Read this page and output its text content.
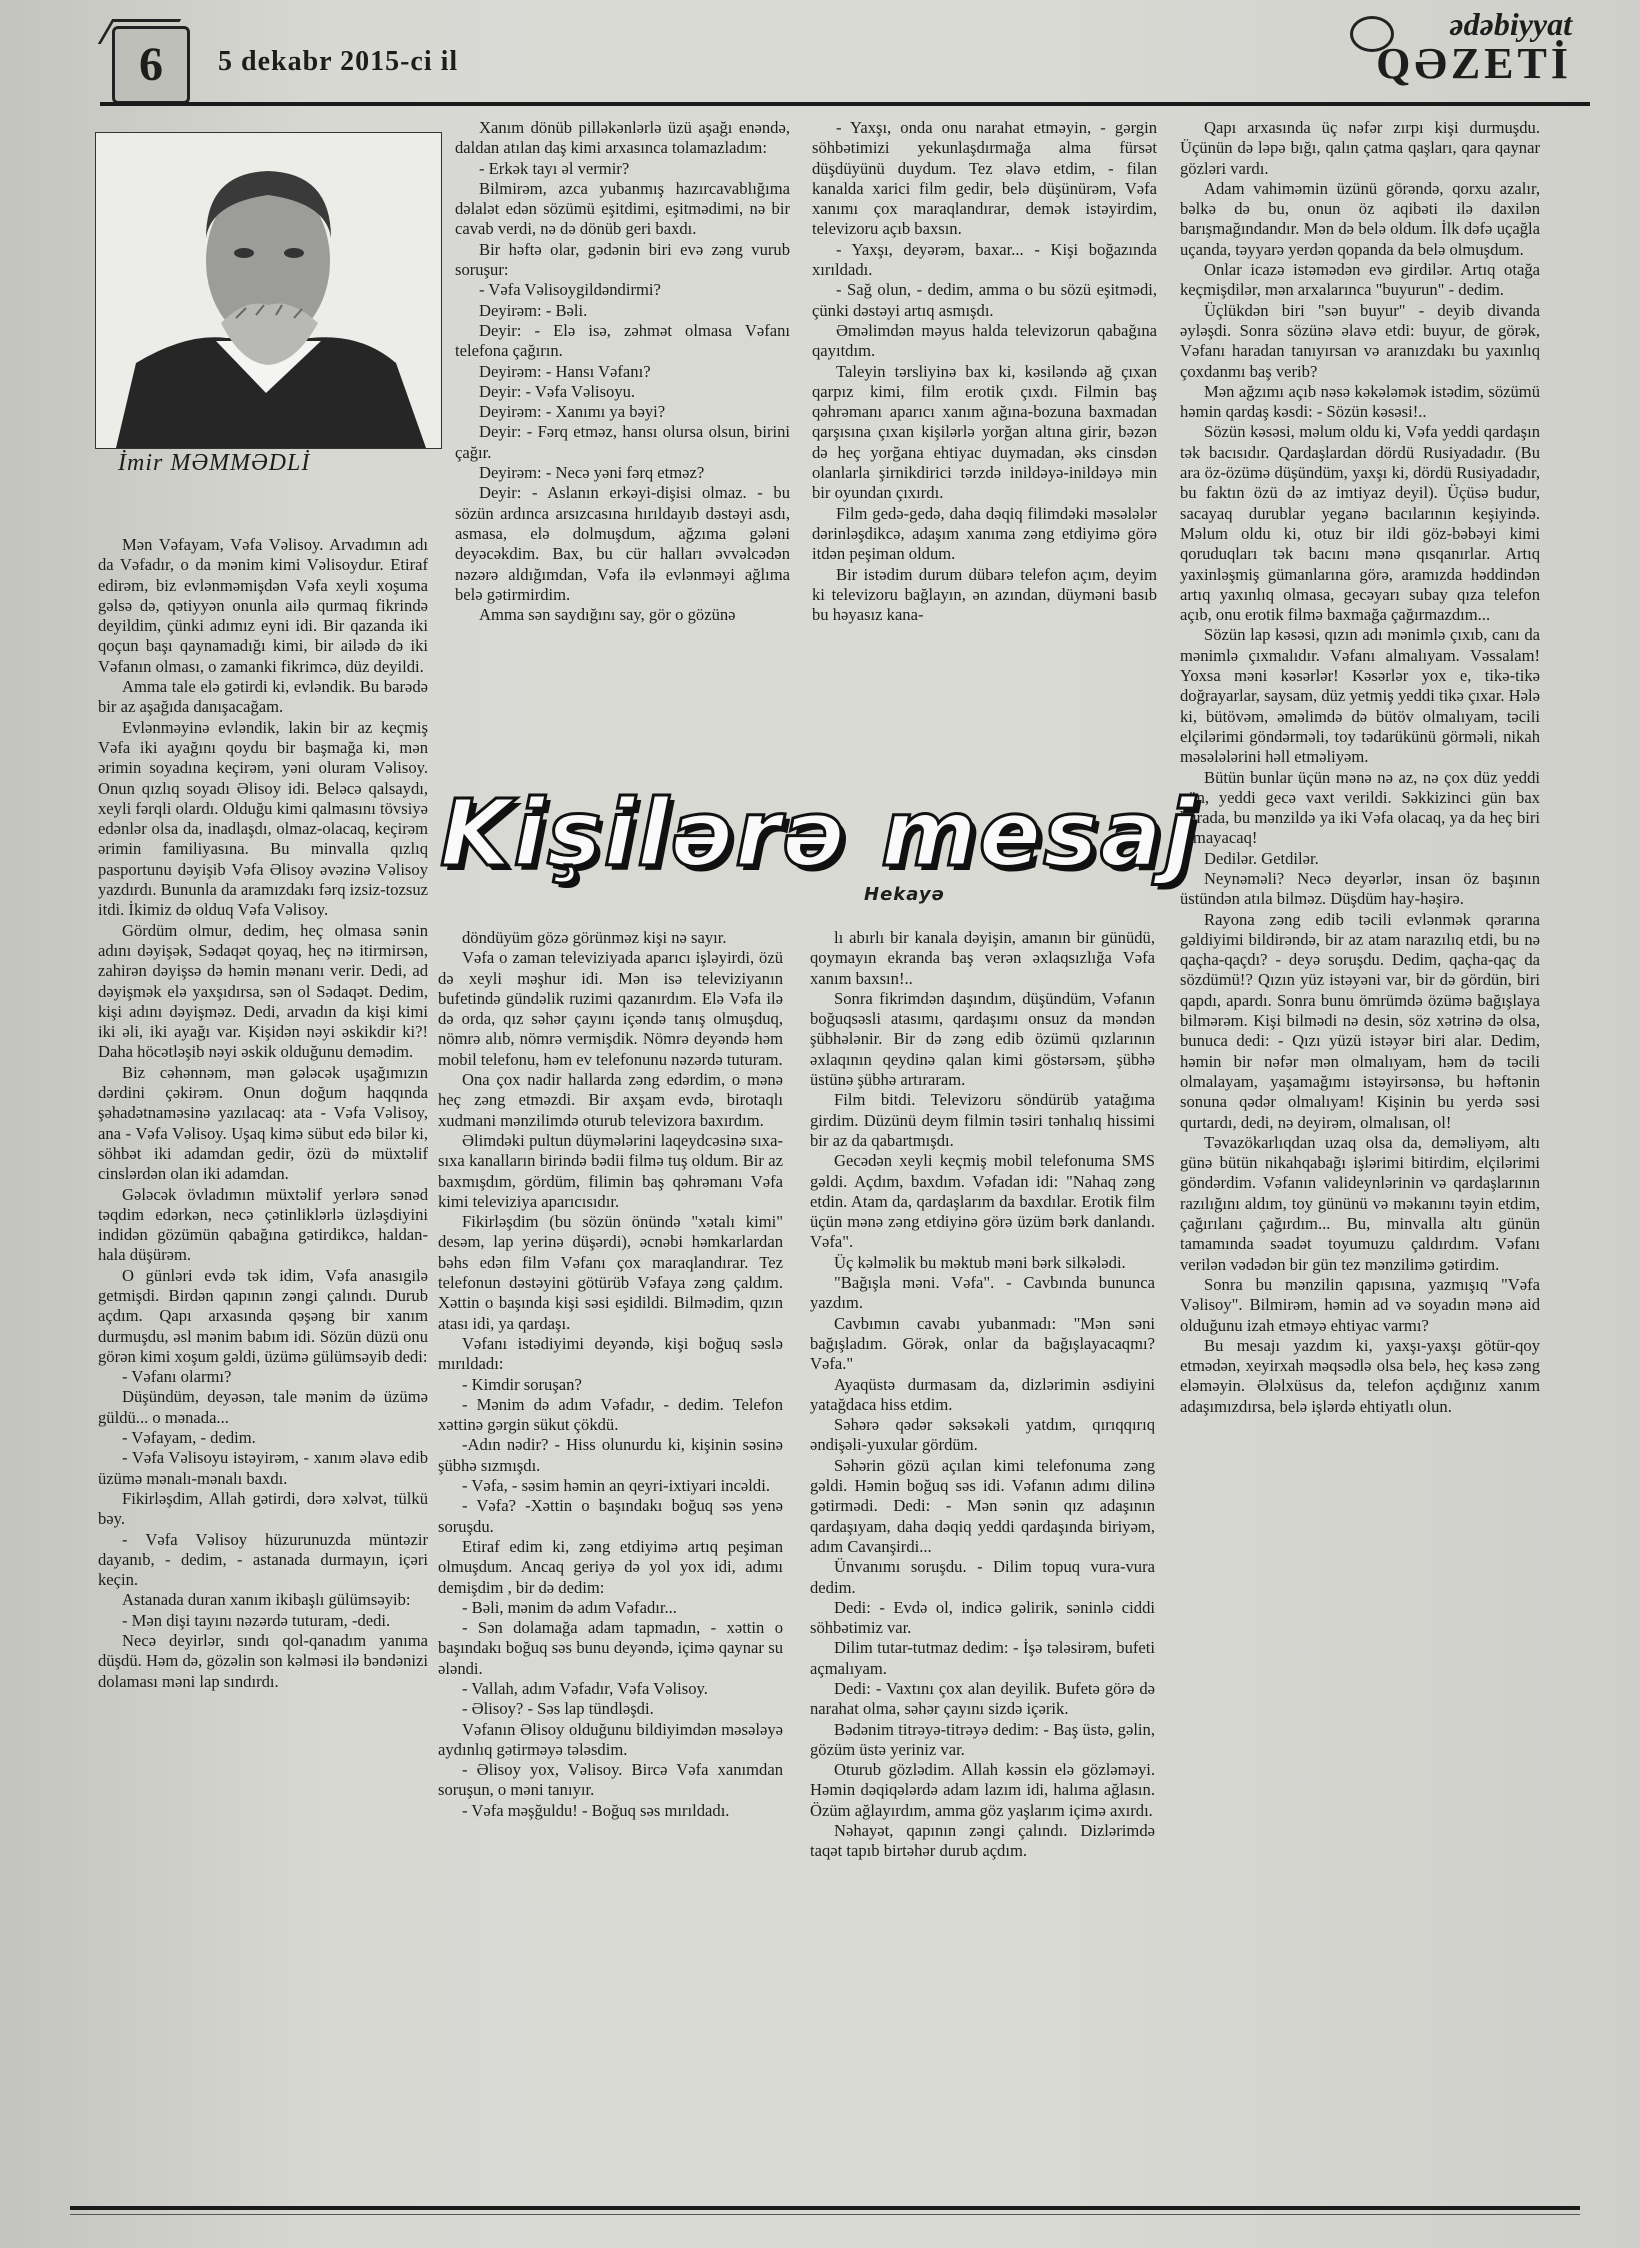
6	5 dekabr 2015-ci il
ədəbiyyat
QƏZETİ
İmir MƏMMƏDLİ

Mən Vəfayam, Vəfa Vəlisoy. Arvadımın adı da Vəfadır, o da mənim kimi Vəlisoydur. Etiraf edirəm, biz evlənməmişdən Vəfa xeyli xoşuma gəlsə də, qətiyyən onunla ailə qurmaq fikrində deyildim, çünki adımız eyni idi. Bir qazanda iki qoçun başı qaynamadığı kimi, bir ailədə də iki Vəfanın olması, o zamanki fikrimcə, düz deyildi.

Amma tale elə gətirdi ki, evləndik. Bu barədə bir az aşağıda danışacağam.

Evlənməyinə evləndik, lakin bir az keçmiş Vəfa iki ayağını qoydu bir başmağa ki, mən ərimin soyadına keçirəm, yəni oluram Vəlisoy. Onun qızlıq soyadı Əlisoy idi. Beləcə qalsaydı, xeyli fərqli olardı. Olduğu kimi qalmasını tövsiyə edənlər olsa da, inadlaşdı, olmaz-olacaq, keçirəm ərimin familiyasına. Bu minvalla qızlıq pasportunu dəyişib Vəfa Əlisoy əvəzinə Vəlisoy yazdırdı. Bununla da aramızdakı fərq izsiz-tozsuz itdi. İkimiz də olduq Vəfa Vəlisoy.

Gördüm olmur, dedim, heç olmasa sənin adını dəyişək, Sədaqət qoyaq, heç nə itirmirsən, zahirən dəyişsə də həmin mənanı verir. Dedi, ad dəyişmək elə yaxşıdırsa, sən ol Sədaqət. Dedim, kişi adını dəyişməz. Dedi, arvadın da kişi kimi iki əli, iki ayağı var. Kişidən nəyi əskikdir ki?! Daha höcətləşib nəyi əskik olduğunu demədim.

Biz cəhənnəm, mən gələcək uşağımızın dərdini çəkirəm. Onun doğum haqqında şəhadətnaməsinə yazılacaq: ata - Vəfa Vəlisoy, ana - Vəfa Vəlisoy. Uşaq kimə sübut edə bilər ki, söhbət iki adamdan gedir, özü də müxtəlif cinslərdən olan iki adamdan.

Gələcək övladımın müxtəlif yerlərə sənəd təqdim edərkən, necə çətinliklərlə üzləşdiyini indidən gözümün qabağına gətirdikcə, haldan-hala düşürəm.

O günləri evdə tək idim, Vəfa anasıgilə getmişdi. Birdən qapının zəngi çalındı. Durub açdım. Qapı arxasında qəşəng bir xanım durmuşdu, əsl mənim babım idi. Sözün düzü onu görən kimi xoşum gəldi, üzümə gülümsəyib dedi:

- Vəfanı olarmı?

Düşündüm, deyəsən, tale mənim də üzümə güldü... o mənada...

- Vəfayam, - dedim.

- Vəfa Vəlisoyu istəyirəm, - xanım əlavə edib üzümə mənalı-mənalı baxdı.

Fikirləşdim, Allah gətirdi, dərə xəlvət, tülkü bəy.

- Vəfa Vəlisoy hüzurunuzda müntəzir dayanıb, - dedim, - astanada durmayın, içəri keçin.

Astanada duran xanım ikibaşlı gülümsəyib:

- Mən dişi tayını nəzərdə tuturam, -dedi.

Necə deyirlər, sındı qol-qanadım yanıma düşdü. Həm də, gözəlin son kəlməsi ilə bəndənizi dolaması məni lap sındırdı.

Xanım dönüb pilləkənlərlə üzü aşağı enəndə, daldan atılan daş kimi arxasınca tolamazladım:

- Erkək tayı əl vermir?

Bilmirəm, azca yubanmış hazırcavablığıma dəlalət edən sözümü eşitdimi, eşitmədimi, nə bir cavab verdi, nə də dönüb geri baxdı.

Bir həftə olar, gədənin biri evə zəng vurub soruşur:

- Vəfa Vəlisoygildəndirmi?

Deyirəm: - Bəli.

Deyir: - Elə isə, zəhmət olmasa Vəfanı telefona çağırın.

Deyirəm: - Hansı Vəfanı?

Deyir: - Vəfa Vəlisoyu.

Deyirəm: - Xanımı ya bəyi?

Deyir: - Fərq etməz, hansı olursa olsun, birini çağır.

Deyirəm: - Necə yəni fərq etməz?

Deyir: - Aslanın erkəyi-dişisi olmaz. - bu sözün ardınca arsızcasına hırıldayıb dəstəyi asdı, asmasa, elə dolmuşdum, ağzıma gələni deyəcəkdim. Bax, bu cür halları əvvəlcədən nəzərə aldığımdan, Vəfa ilə evlənməyi ağlıma belə gətirmirdim.

Amma sən saydığını say, gör o gözünə

- Yaxşı, onda onu narahat etməyin, - gərgin söhbətimizi yekunlaşdırmağa alma fürsət düşdüyünü duydum. Tez əlavə etdim, - filan kanalda xarici film gedir, belə düşünürəm, Vəfa xanımı çox maraqlandırar, demək istəyirdim, televizoru açıb baxsın.

- Yaxşı, deyərəm, baxar... - Kişi boğazında xırıldadı.

- Sağ olun, - dedim, amma o bu sözü eşitmədi, çünki dəstəyi artıq asmışdı.

Əməlimdən məyus halda televizorun qabağına qayıtdım.

Talеyin tərsliyinə bax ki, kəsiləndə ağ çıxan qarpız kimi, film erotik çıxdı. Filmin baş qəhrəmanı aparıcı xanım ağına-bozuna baxmadan qarşısına çıxan kişilərlə yorğan altına girir, bəzən də heç yorğana ehtiyac duymadan, əks cinsdən olanlarla şirnikdirici tərzdə inildəyə-inildəyə min bir oyundan çıxırdı.

Film gedə-gedə, daha dəqiq filimdəki məsələlər dərinləşdikcə, adaşım xanıma zəng etdiyimə görə itdən peşiman oldum.

Bir istədim durum dübarə telefon açım, deyim ki televizoru bağlayın, ən azından, düyməni basıb bu həyasız kana-

Qapı arxasında üç nəfər zırpı kişi durmuşdu. Üçünün də ləpə bığı, qalın çatma qaşları, qara qaynar gözləri vardı.

Adam vahiməmin üzünü görəndə, qorxu azalır, bəlkə də bu, onun öz aqibəti ilə daxilən barışmağındandır. Mən də belə oldum. İlk dəfə uçağla uçanda, təyyarə yerdən qopanda da belə olmuşdum.

Onlar icazə istəmədən evə girdilər. Artıq otağa keçmişdilər, mən arxalarınca "buyurun" - dedim.

Üçlükdən biri "sən buyur" - deyib divanda əyləşdi. Sonra sözünə əlavə etdi: buyur, de görək, Vəfanı haradan tanıyırsan və aranızdakı bu yaxınlıq çoxdanmı baş verib?

Mən ağzımı açıb nəsə kəkələmək istədim, sözümü həmin qardaş kəsdi: - Sözün kəsəsi!..

Sözün kəsəsi, məlum oldu ki, Vəfa yeddi qardaşın tək bacısıdır. Qardaşlardan dördü Rusiyadadır. (Bu ara öz-özümə düşündüm, yaxşı ki, dördü Rusiyadadır, bu faktın özü də az imtiyaz deyil). Üçüsə budur, sacayaq durublar yeganə bacılarının keşiyində. Məlum oldu ki, otuz bir ildi göz-bəbəyi kimi qoruduqları tək bacını mənə qısqanırlar. Artıq yaxinləşmiş gümanlarına görə, aramızda həddindən artıq yaxınlıq olmasa, gecəyarı subay qıza telefon açıb, onu erotik filmə baxmağa çağırmazdım...

Sözün lap kəsəsi, qızın adı mənimlə çıxıb, canı da mənimlə çıxmalıdır. Vəfanı almalıyam. Vəssalam! Yoxsa məni kəsərlər! Kəsərlər yox e, tikə-tikə doğrayarlar, saysam, düz yetmiş yeddi tikə çıxar. Hələ ki, bütövəm, əməlimdə də bütöv olmalıyam, təcili elçilərimi göndərməli, toy tədarükünü görməli, nikah məsələlərini həll etməliyəm.

Bütün bunlar üçün mənə nə az, nə çox düz yeddi gün, yeddi gecə vaxt verildi. Səkkizinci gün bax burada, bu mənzildə ya iki Vəfa olacaq, ya da heç biri olmayacaq!

Dedilər. Getdilər.

Neynəməli? Necə deyərlər, insan öz başının üstündən atıla bilməz. Düşdüm hay-həşirə.

Rayona zəng edib təcili evlənmək qərarına gəldiyimi bildirəndə, bir az atam narazılıq etdi, bu nə qaçha-qaçdı? - deyə soruşdu. Dedim, qaçha-qaç da sözdümü!? Qızın yüz istəyəni var, bir də gördün, biri qapdı, apardı. Sonra bunu ömrümdə özümə bağışlaya bilmərəm. Kişi bilmədi nə desin, söz xətrinə də olsa, bunuca dedi: - Qızı yüzü istəyər biri alar. Dedim, həmin bir nəfər mən olmalıyam, həm də təcili olmalayam, yaşamağımı istəyirsənsə, bu həftənin sonuna qədər olmalıyam! Kişinin bu yerdə səsi qurtardı, dedi, nə deyirəm, olmalısan, ol!

Təvazökarlıqdan uzaq olsa da, deməliyəm, altı günə bütün nikahqabağı işlərimi bitirdim, elçilərimi göndərdim. Vəfanın valideynlərinin və qardaşlarının razılığını aldım, toy gününü və məkanını təyin etdim, çağırılanı çağırdım... Bu, minvalla altı günün tamamında səadət toyumuzu çaldırdım. Vəfanı verilən vədədən bir gün tez mənzilimə gətirdim.

Sonra bu mənzilin qapısına, yazmışıq "Vəfa Vəlisoy". Bilmirəm, həmin ad və soyadın mənə aid olduğunu izah etməyə ehtiyac varmı?

Bu mesajı yazdım ki, yaxşı-yaxşı götür-qoy etmədən, xeyirxah məqsədlə olsa belə, heç kəsə zəng eləməyin. Ələlxüsus da, telefon açdığınız xanım adaşımızdırsa, belə işlərdə ehtiyatlı olun.

Kişilərə mesaj
Hekayə

döndüyüm gözə görünməz kişi nə sayır.

Vəfa o zaman televiziyada aparıcı işləyirdi, özü də xeyli məşhur idi. Mən isə televiziyanın bufetində gündəlik ruzimi qazanırdım. Elə Vəfa ilə də orda, qız səhər çayını içəndə tanış olmuşduq, nömrə alıb, nömrə vermişdik. Nömrə deyəndə həm mobil telefonu, həm ev telefonunu nəzərdə tuturam.

Ona çox nadir hallarda zəng edərdim, o mənə heç zəng etməzdi. Bir axşam evdə, birotaqlı xudmani mənzilimdə oturub televizora baxırdım.

Əlimdəki pultun düymələrini laqeydcəsinə sıxa-sıxa kanalların birində bədii filmə tuş oldum. Bir az baxmışdım, gördüm, filimin baş qəhrəmanı Vəfa kimi televiziya aparıcısıdır.

Fikirləşdim (bu sözün önündə "xətalı kimi" desəm, lap yerinə düşərdi), əcnəbi həmkarlardan bəhs edən film Vəfanı çox maraqlandırar. Tez telefonun dəstəyini götürüb Vəfaya zəng çaldım. Xəttin o başında kişi səsi eşidildi. Bilmədim, qızın atası idi, ya qardaşı.

Vəfanı istədiyimi deyəndə, kişi boğuq səslə mırıldadı:

- Kimdir soruşan?

- Mənim də adım Vəfadır, - dedim. Telefon xəttinə gərgin sükut çökdü.

-Adın nədir? - Hiss olunurdu ki, kişinin səsinə şübhə sızmışdı.

- Vəfa, - səsim həmin an qeyri-ixtiyari incəldi.

- Vəfa? -Xəttin o başındakı boğuq səs yenə soruşdu.

Etiraf edim ki, zəng etdiyimə artıq peşiman olmuşdum. Ancaq geriyə də yol yox idi, adımı demişdim , bir də dedim:

- Bəli, mənim də adım Vəfadır...

- Sən dolamağa adam tapmadın, - xəttin o başındakı boğuq səs bunu deyəndə, içimə qaynar su ələndi.

- Vallah, adım Vəfadır, Vəfa Vəlisoy.

- Əlisoy? - Səs lap tündləşdi.

Vəfanın Əlisoy olduğunu bildiyimdən məsələyə aydınlıq gətirməyə tələsdim.

- Əlisoy yox, Vəlisoy. Bircə Vəfa xanımdan soruşun, o məni tanıyır.

- Vəfa məşğuldu! - Boğuq səs mırıldadı.

lı abırlı bir kanala dəyişin, amanın bir günüdü, qoymayın ekranda baş verən əxlaqsızlığa Vəfa xanım baxsın!..

Sonra fikrimdən daşındım, düşündüm, Vəfanın boğuqsəsli atasımı, qardaşımı onsuz da məndən şübhələnir. Bir də zəng edib özümü qızlarının əxlaqının qeydinə qalan kimi göstərsəm, şübhə üstünə şübhə artıraram.

Film bitdi. Televizoru söndürüb yatağıma girdim. Düzünü deym filmin təsiri tənhalıq hissimi bir az da qabartmışdı.

Gecədən xeyli keçmiş mobil telefonuma SMS gəldi. Açdım, baxdım. Vəfadan idi: "Nahaq zəng etdin. Atam da, qardaşlarım da baxdılar. Erotik film üçün mənə zəng etdiyinə görə üzüm bərk danlandı. Vəfa".

Üç kəlməlik bu məktub məni bərk silkələdi.

"Bağışla məni. Vəfa". - Cavbında bununca yazdım.

Cavbımın cavabı yubanmadı: "Mən səni bağışladım. Görək, onlar da bağışlayacaqmı? Vəfa."

Ayaqüstə durmasam da, dizlərimin əsdiyini yatağdaca hiss etdim.

Səhərə qədər səksəkəli yatdım, qırıqqırıq əndişəli-yuxular gördüm.

Səhərin gözü açılan kimi telefonuma zəng gəldi. Həmin boğuq səs idi. Vəfanın adımı dilinə gətirmədi. Dedi: - Mən sənin qız adaşının qardaşıyam, daha dəqiq yeddi qardaşında biriyəm, adım Cavanşirdi...

Ünvanımı soruşdu. - Dilim topuq vura-vura dedim.

Dedi: - Evdə ol, indicə gəlirik, səninlə ciddi söhbətimiz var.

Dilim tutar-tutmaz dedim: - İşə tələsirəm, bufeti açmalıyam.

Dedi: - Vaxtını çox alan deyilik. Bufetə görə də narahat olma, səhər çayını sizdə içərik.

Bədənim titrəyə-titrəyə dedim: - Baş üstə, gəlin, gözüm üstə yeriniz var.

Oturub gözlədim. Allah kəssin elə gözləməyi. Həmin dəqiqələrdə adam lazım idi, halıma ağlasın. Özüm ağlayırdım, amma göz yaşlarım içimə axırdı.

Nəhayət, qapının zəngi çalındı. Dizlərimdə taqət tapıb birtəhər durub açdım.
